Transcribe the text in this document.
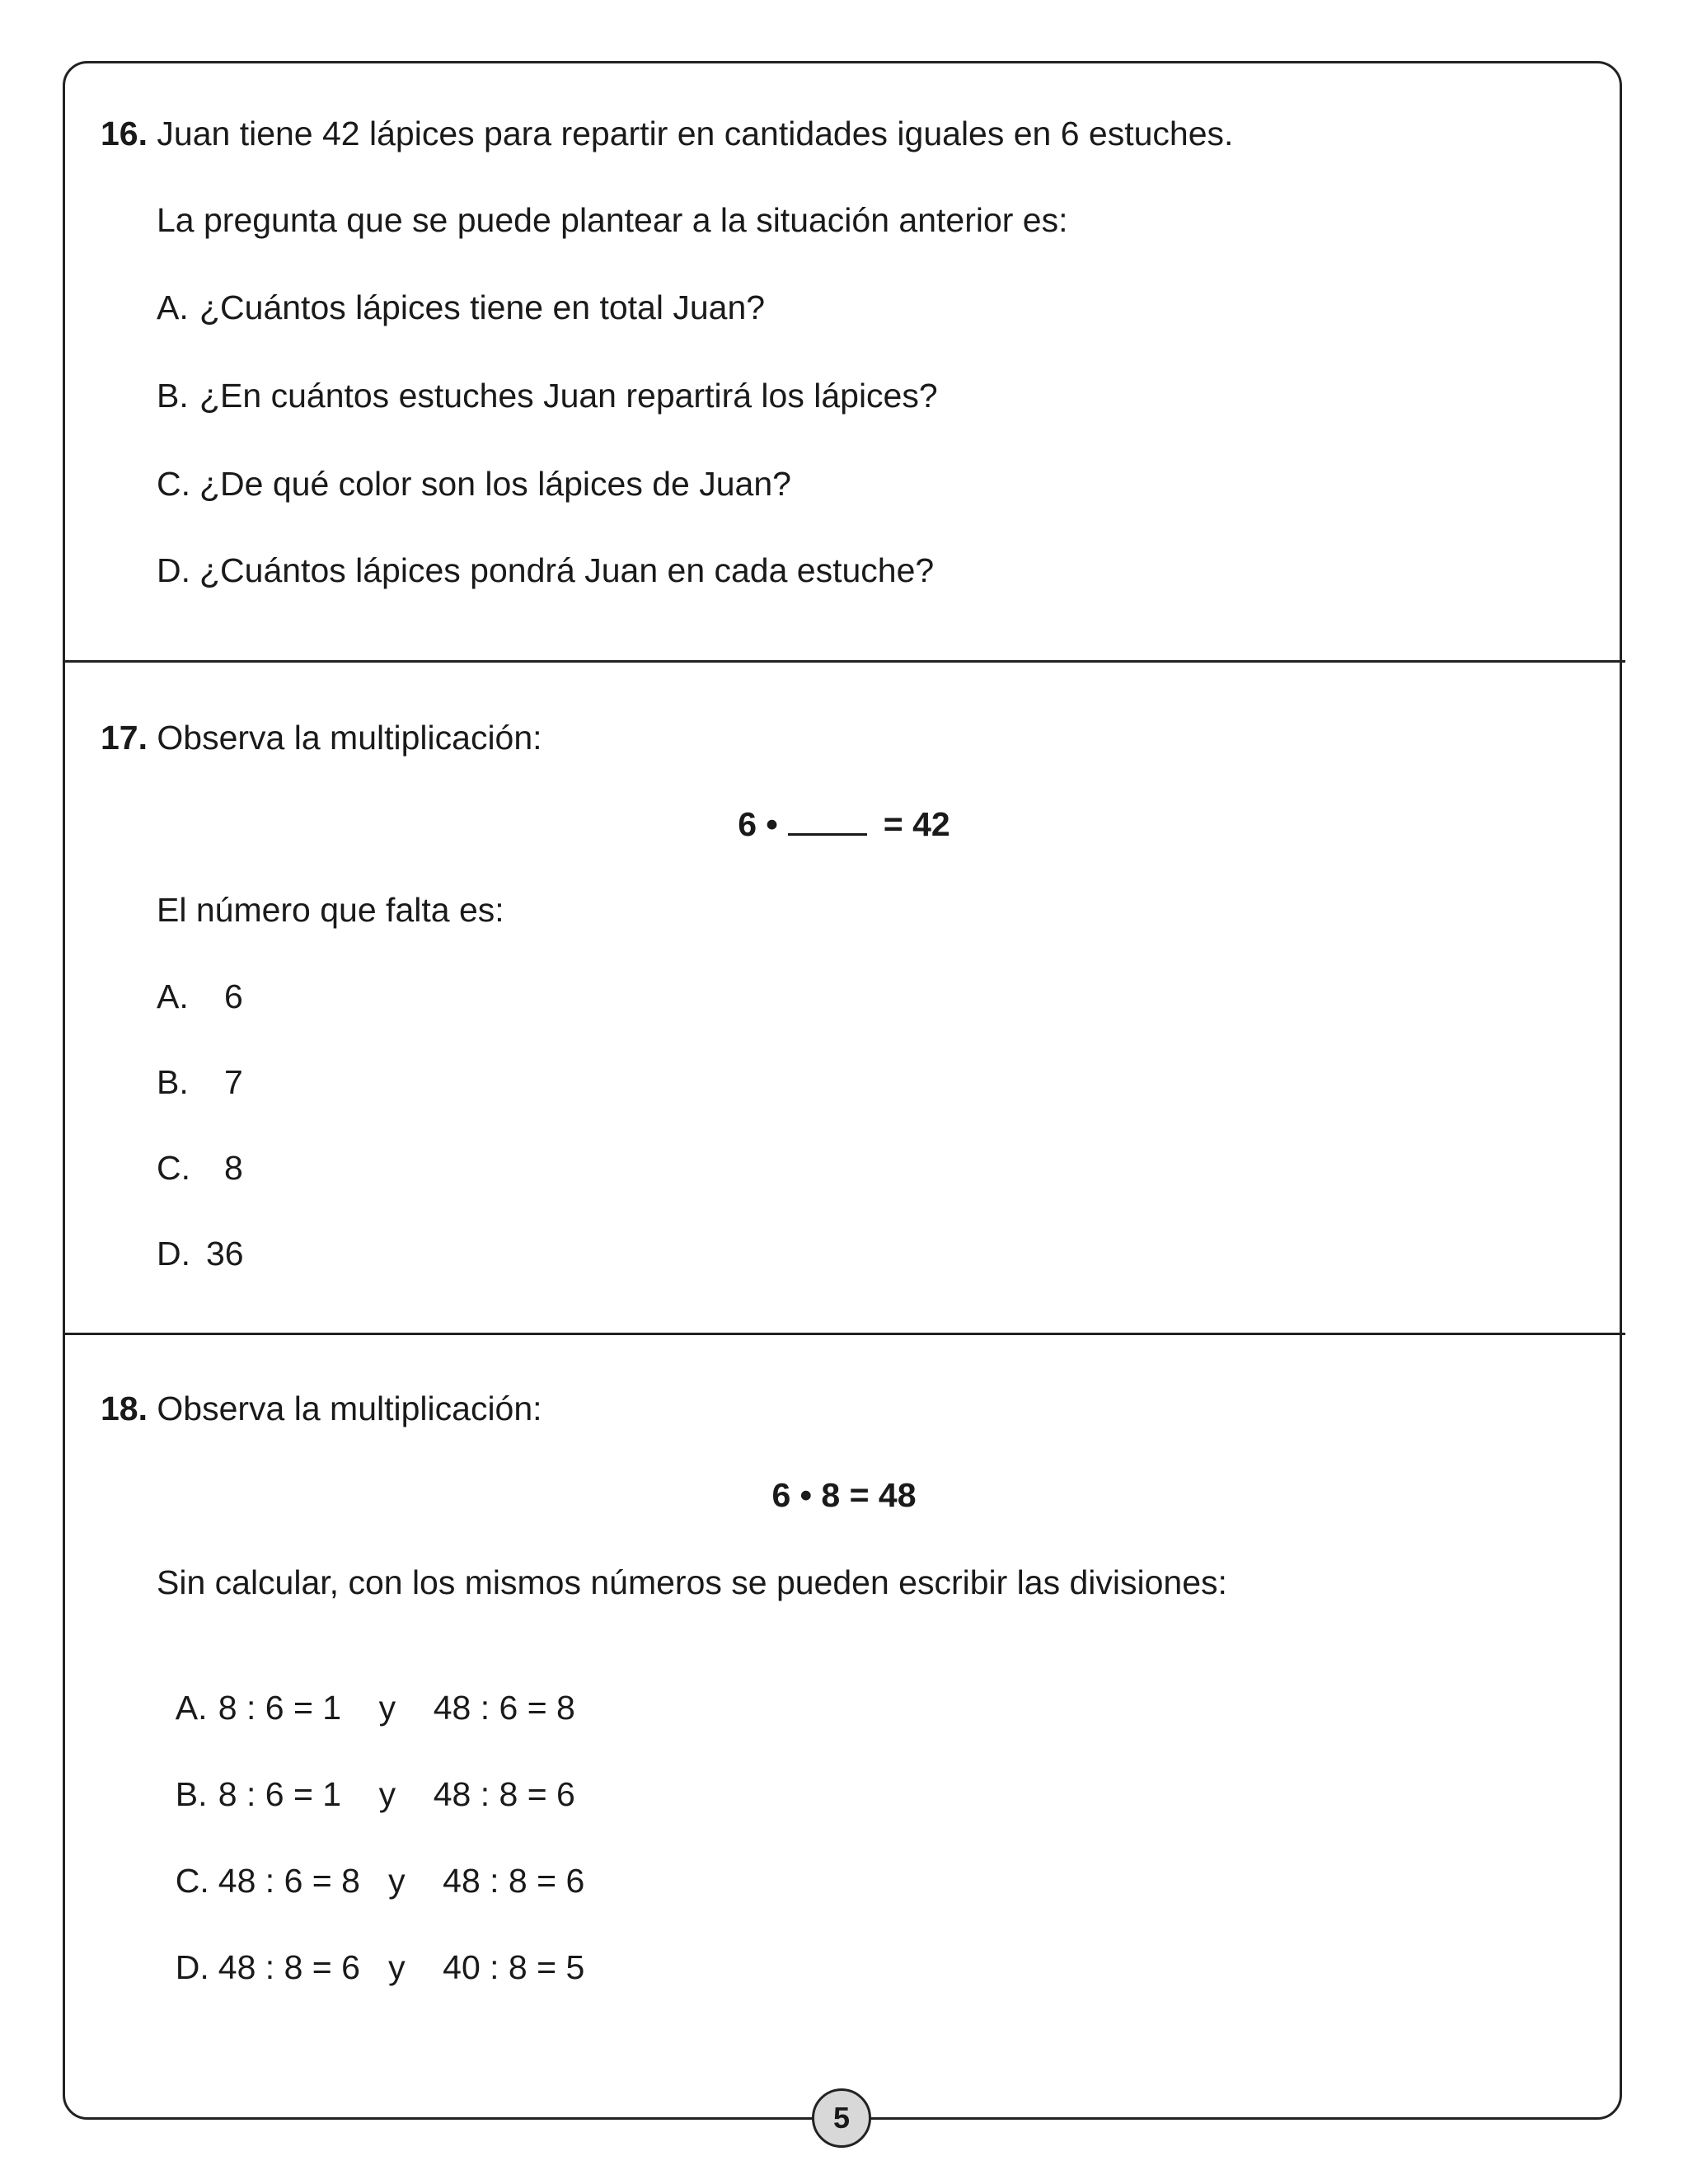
16. Juan tiene 42 lápices para repartir en cantidades iguales en 6 estuches.
La pregunta que se puede plantear a la situación anterior es:
A. ¿Cuántos lápices tiene en total Juan?
B. ¿En cuántos estuches Juan repartirá los lápices?
C. ¿De qué color son los lápices de Juan?
D. ¿Cuántos lápices pondrá Juan en cada estuche?
17. Observa la multiplicación:
6 •	= 42
El número que falta es:
A. 6
B. 7
C. 8
D. 36
18. Observa la multiplicación:
6 • 8 = 48
Sin calcular, con los mismos números se pueden escribir las divisiones:

A. 8 : 6 = 1    y    48 : 6 = 8

B. 8 : 6 = 1    y    48 : 8 = 6

C. 48 : 6 = 8   y    48 : 8 = 6

D. 48 : 8 = 6   y    40 : 8 = 5

5
